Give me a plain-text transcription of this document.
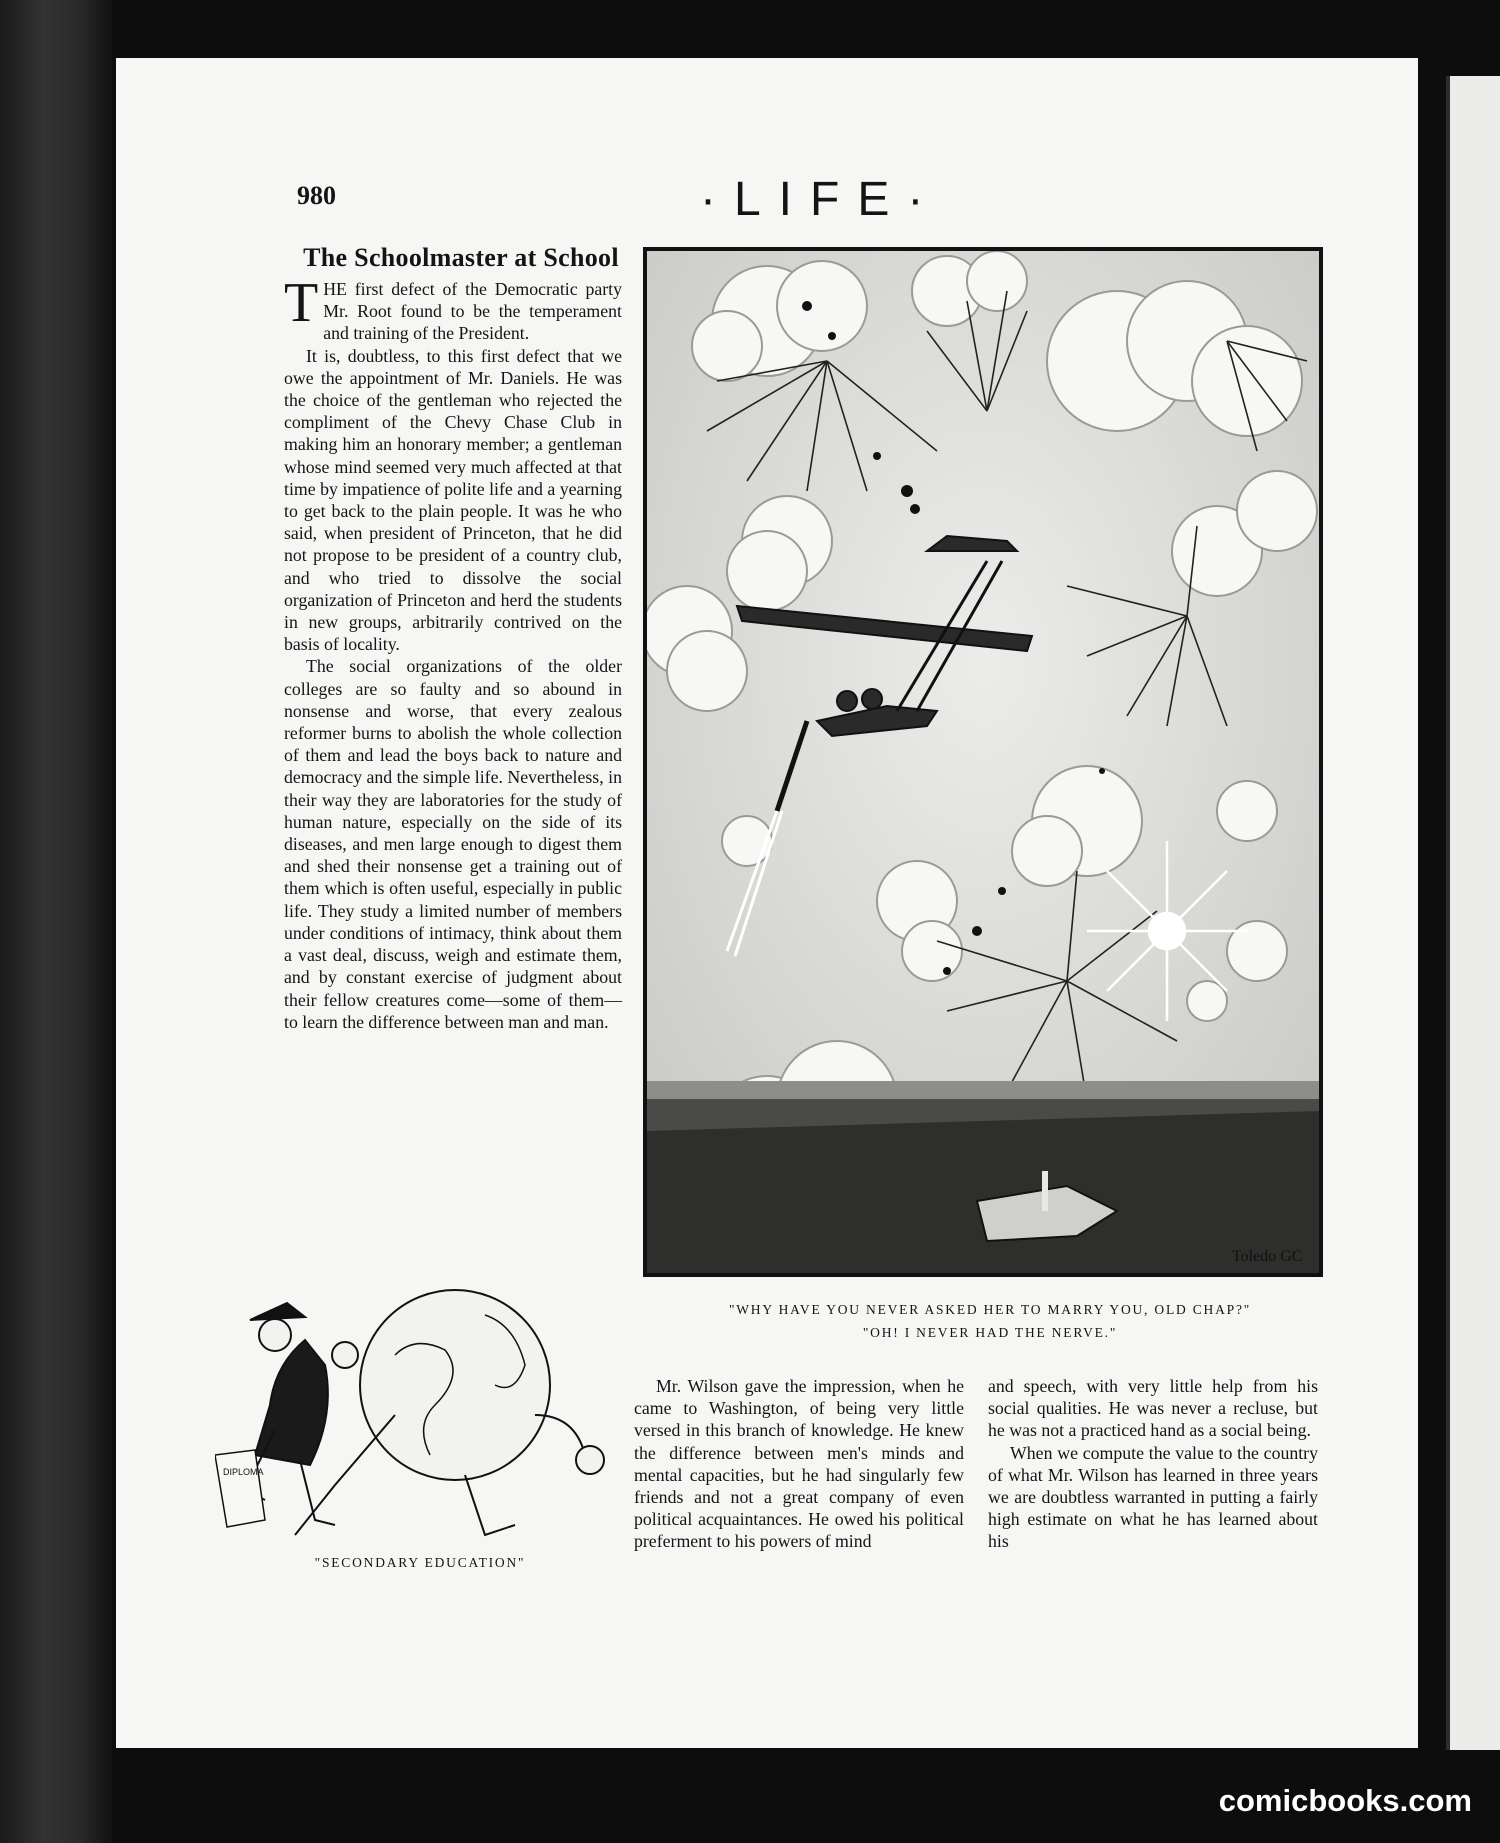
980	·LIFE·
The Schoolmaster at School

THE first defect of the Democratic party Mr. Root found to be the temperament and training of the President.

It is, doubtless, to this first defect that we owe the appointment of Mr. Daniels. He was the choice of the gentleman who rejected the compliment of the Chevy Chase Club in making him an honorary member; a gentleman whose mind seemed very much affected at that time by impatience of polite life and a yearning to get back to the plain people. It was he who said, when president of Princeton, that he did not propose to be president of a country club, and who tried to dissolve the social organization of Princeton and herd the students in new groups, arbitrarily contrived on the basis of locality.

The social organizations of the older colleges are so faulty and so abound in nonsense and worse, that every zealous reformer burns to abolish the whole collection of them and lead the boys back to nature and democracy and the simple life. Nevertheless, in their way they are laboratories for the study of human nature, especially on the side of its diseases, and men large enough to digest them and shed their nonsense get a training out of them which is often useful, especially in public life. They study a limited number of members under conditions of intimacy, think about them a vast deal, discuss, weigh and estimate them, and by constant exercise of judgment about their fellow creatures come—some of them—to learn the difference between man and man.

Toledo GC
"WHY HAVE YOU NEVER ASKED HER TO MARRY YOU, OLD CHAP?"
"OH! I NEVER HAD THE NERVE."
DIPLOMA
"SECONDARY EDUCATION"

Mr. Wilson gave the impression, when he came to Washington, of being very little versed in this branch of knowledge. He knew the difference between men's minds and mental capacities, but he had singularly few friends and not a great company of even political acquaintances. He owed his political preferment to his powers of mind

and speech, with very little help from his social qualities. He was never a recluse, but he was not a practiced hand as a social being.

When we compute the value to the country of what Mr. Wilson has learned in three years we are doubtless warranted in putting a fairly high estimate on what he has learned about his

comicbooks.com
